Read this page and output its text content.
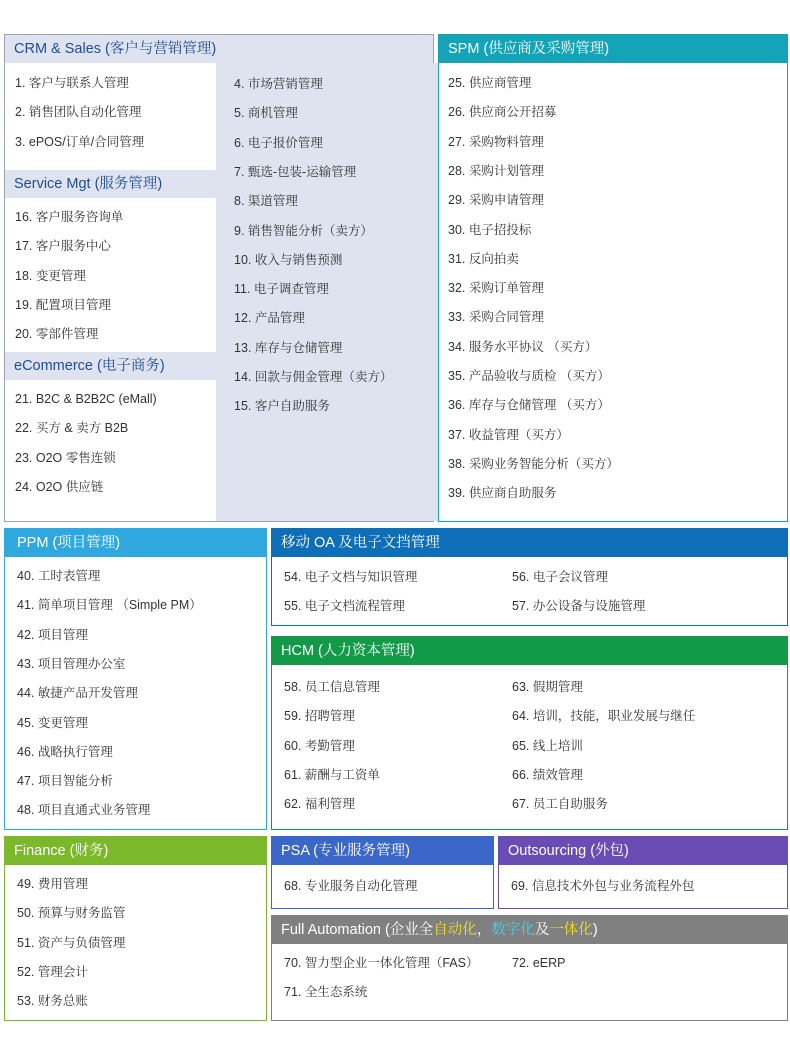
CRM & Sales (客户与营销管理)
4. 市场营销管理
5. 商机管理
6. 电子报价管理
7. 甄选-包装-运输管理
8. 渠道管理
9. 销售智能分析（卖方）
10. 收入与销售预测
11. 电子调查管理
12. 产品管理
13. 库存与仓储管理
14. 回款与佣金管理（卖方）
15. 客户自助服务
1. 客户与联系人管理
2. 销售团队自动化管理
3. ePOS/订单/合同管理
Service Mgt (服务管理)
16. 客户服务咨询单
17. 客户服务中心
18. 变更管理
19. 配置项目管理
20. 零部件管理
eCommerce (电子商务)
21. B2C & B2B2C (eMall)
22. 买方 & 卖方 B2B
23. O2O 零售连锁
24. O2O 供应链
SPM (供应商及采购管理)
25. 供应商管理
26. 供应商公开招募
27. 采购物料管理
28. 采购计划管理
29. 采购申请管理
30. 电子招投标
31. 反向拍卖
32. 采购订单管理
33. 采购合同管理
34. 服务水平协议 （买方）
35. 产品验收与质检 （买方）
36. 库存与仓储管理 （买方）
37. 收益管理（买方）
38. 采购业务智能分析（买方）
39. 供应商自助服务
PPM (项目管理)
40. 工时表管理
41. 简单项目管理 （Simple PM）
42. 项目管理
43. 项目管理办公室
44. 敏捷产品开发管理
45. 变更管理
46. 战略执行管理
47. 项目智能分析
48. 项目直通式业务管理
移动 OA 及电子文挡管理
54. 电子文档与知识管理
55. 电子文档流程管理
56. 电子会议管理
57. 办公设备与设施管理
HCM (人力资本管理)
58. 员工信息管理
59. 招聘管理
60. 考勤管理
61. 薪酬与工资单
62. 福利管理
63. 假期管理
64. 培训，技能，职业发展与继任
65. 线上培训
66. 绩效管理
67. 员工自助服务
Finance (财务)
49. 费用管理
50. 预算与财务监管
51. 资产与负债管理
52. 管理会计
53. 财务总账
PSA (专业服务管理)
68. 专业服务自动化管理
Outsourcing (外包)
69. 信息技术外包与业务流程外包
Full Automation (企业全自动化，数字化及一体化)
70. 智力型企业一体化管理（FAS）
71. 全生态系统
72. eERP
